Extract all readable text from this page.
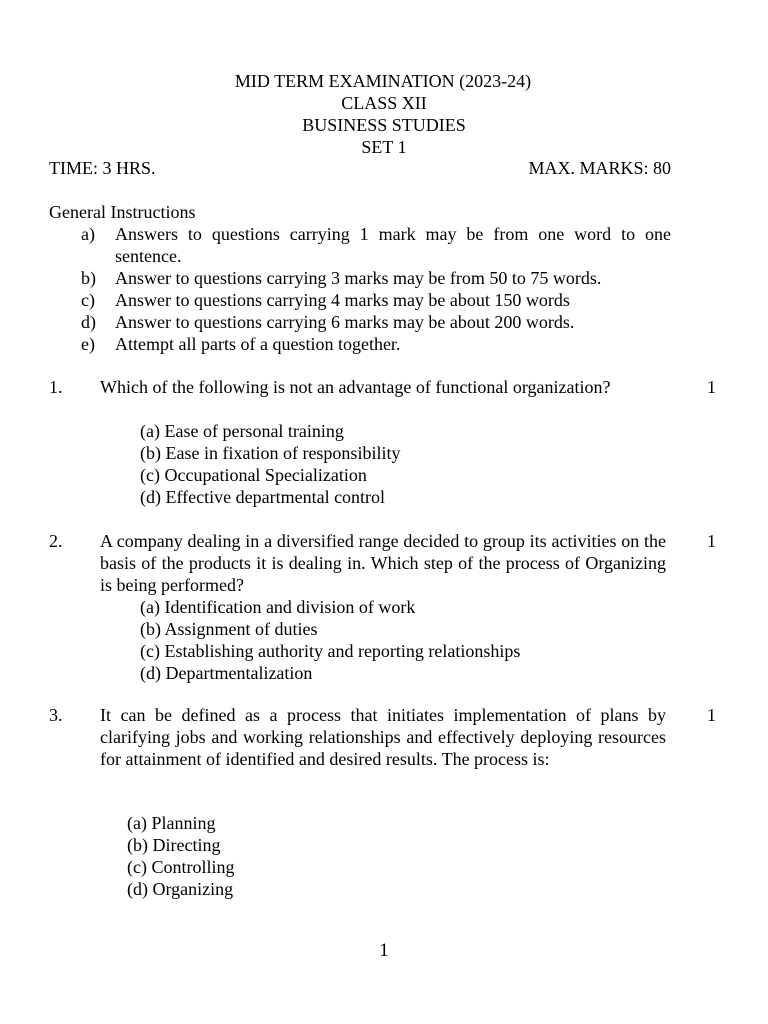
MID TERM EXAMINATION (2023-24)
CLASS XII
BUSINESS STUDIES
SET 1
TIME: 3 HRS.	MAX. MARKS: 80
General Instructions
a) Answers to questions carrying 1 mark may be from one word to one sentence.
b) Answer to questions carrying 3 marks may be from 50 to 75 words.
c) Answer to questions carrying 4 marks may be about 150 words
d) Answer to questions carrying 6 marks may be about 200 words.
e) Attempt all parts of a question together.
1. Which of the following is not an advantage of functional organization?	1
(a) Ease of personal training
(b) Ease in fixation of responsibility
(c) Occupational Specialization
(d) Effective departmental control
2. A company dealing in a diversified range decided to group its activities on the basis of the products it is dealing in. Which step of the process of Organizing is being performed?
1
(a) Identification and division of work
(b) Assignment of duties
(c) Establishing authority and reporting relationships
(d) Departmentalization
3. It can be defined as a process that initiates implementation of plans by clarifying jobs and working relationships and effectively deploying resources for attainment of identified and desired results. The process is:
1
(a) Planning
(b) Directing
(c) Controlling
(d) Organizing
1
